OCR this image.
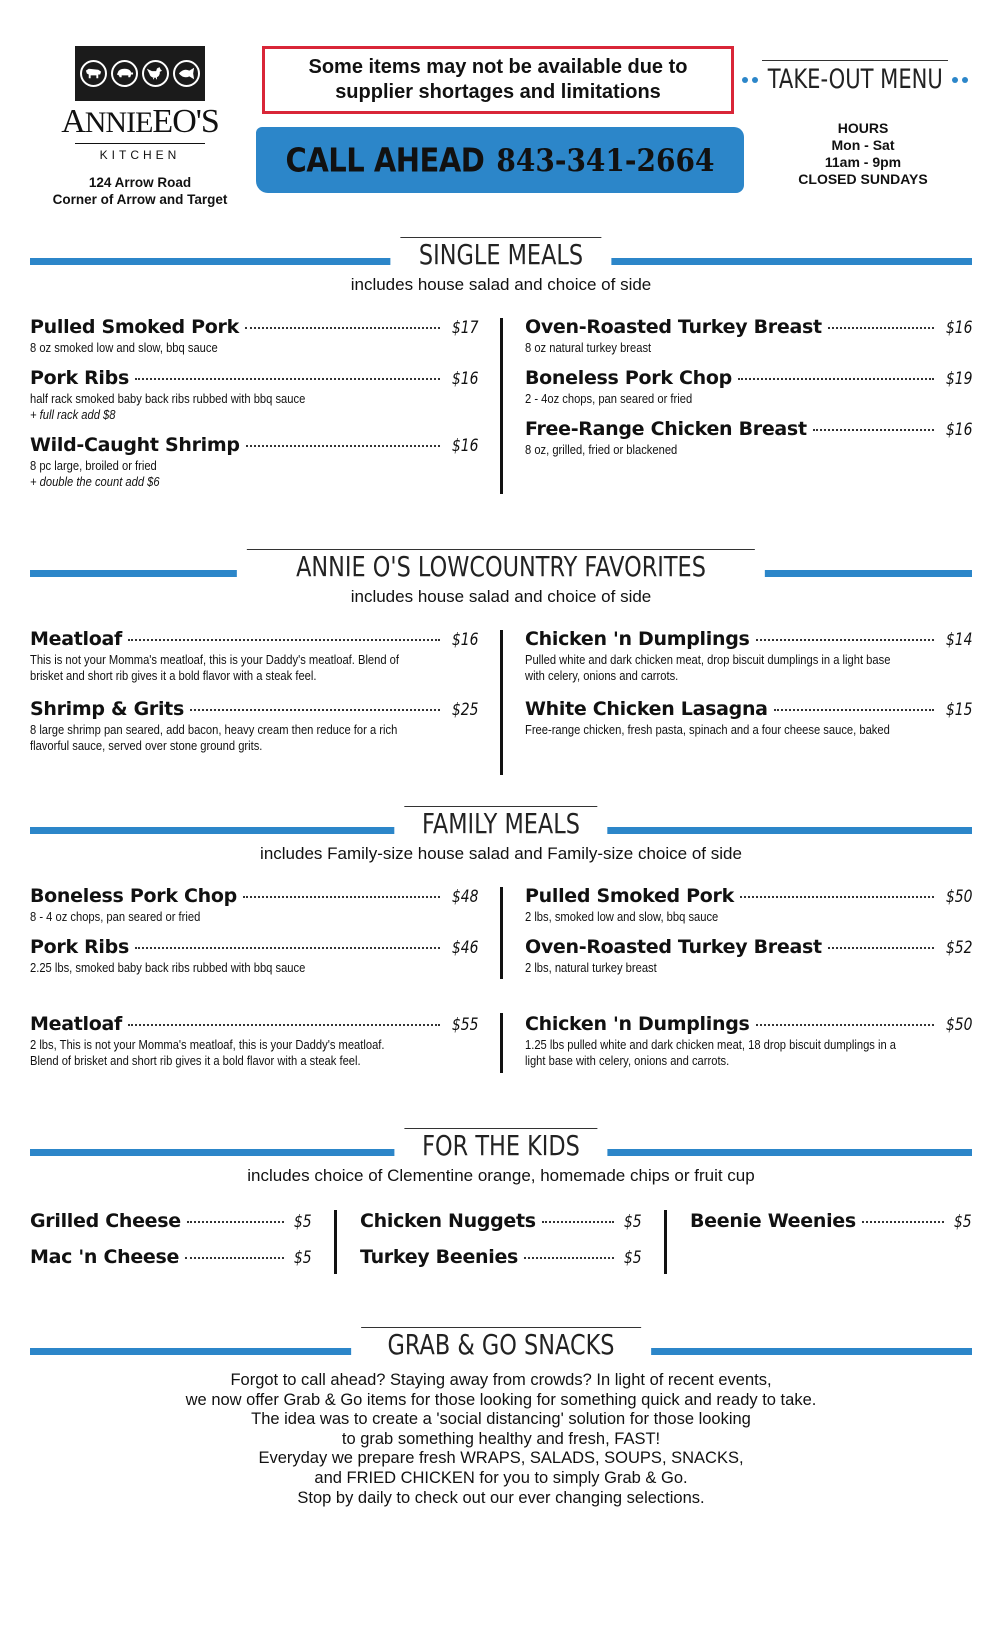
ANNIEEO'S
KITCHEN
124 Arrow Road
Corner of Arrow and Target
Some items may not be available due to
supplier shortages and limitations
CALL AHEAD 843-341-2664
TAKE-OUT MENU
HOURS
Mon - Sat
11am - 9pm
CLOSED SUNDAYS
SINGLE MEALS
includes house salad and choice of side
Pulled Smoked Pork	$17
8 oz smoked low and slow, bbq sauce
Pork Ribs	$16
half rack smoked baby back ribs rubbed with bbq sauce
+ full rack add $8
Wild-Caught Shrimp	$16
8 pc large, broiled or fried
+ double the count add $6
Oven-Roasted Turkey Breast	$16
8 oz natural turkey breast
Boneless Pork Chop	$19
2 - 4oz chops, pan seared or fried
Free-Range Chicken Breast	$16
8 oz, grilled, fried or blackened
ANNIE O'S LOWCOUNTRY FAVORITES
includes house salad and choice of side
Meatloaf	$16
This is not your Momma's meatloaf, this is your Daddy's meatloaf. Blend of
brisket and short rib gives it a bold flavor with a steak feel.
Shrimp & Grits	$25
8 large shrimp pan seared, add bacon, heavy cream then reduce for a rich
flavorful sauce, served over stone ground grits.
Chicken 'n Dumplings	$14
Pulled white and dark chicken meat, drop biscuit dumplings in a light base
with celery, onions and carrots.
White Chicken Lasagna	$15
Free-range chicken, fresh pasta, spinach and a four cheese sauce, baked
FAMILY MEALS
includes Family-size house salad and Family-size choice of side
Boneless Pork Chop	$48
8 - 4 oz chops, pan seared or fried
Pork Ribs	$46
2.25 lbs, smoked baby back ribs rubbed with bbq sauce
Meatloaf	$55
2 lbs, This is not your Momma's meatloaf, this is your Daddy's meatloaf.
Blend of brisket and short rib gives it a bold flavor with a steak feel.
Pulled Smoked Pork	$50
2 lbs, smoked low and slow, bbq sauce
Oven-Roasted Turkey Breast	$52
2 lbs, natural turkey breast
Chicken 'n Dumplings	$50
1.25 lbs pulled white and dark chicken meat, 18 drop biscuit dumplings in a
light base with celery, onions and carrots.
FOR THE KIDS
includes choice of Clementine orange, homemade chips or fruit cup
Grilled Cheese	$5
Mac 'n Cheese	$5
Chicken Nuggets	$5
Turkey Beenies	$5
Beenie Weenies	$5
GRAB & GO SNACKS
Forgot to call ahead? Staying away from crowds? In light of recent events,
we now offer Grab & Go items for those looking for something quick and ready to take.
The idea was to create a 'social distancing' solution for those looking
to grab something healthy and fresh, FAST!
Everyday we prepare fresh WRAPS, SALADS, SOUPS, SNACKS,
and FRIED CHICKEN for you to simply Grab & Go.
Stop by daily to check out our ever changing selections.
